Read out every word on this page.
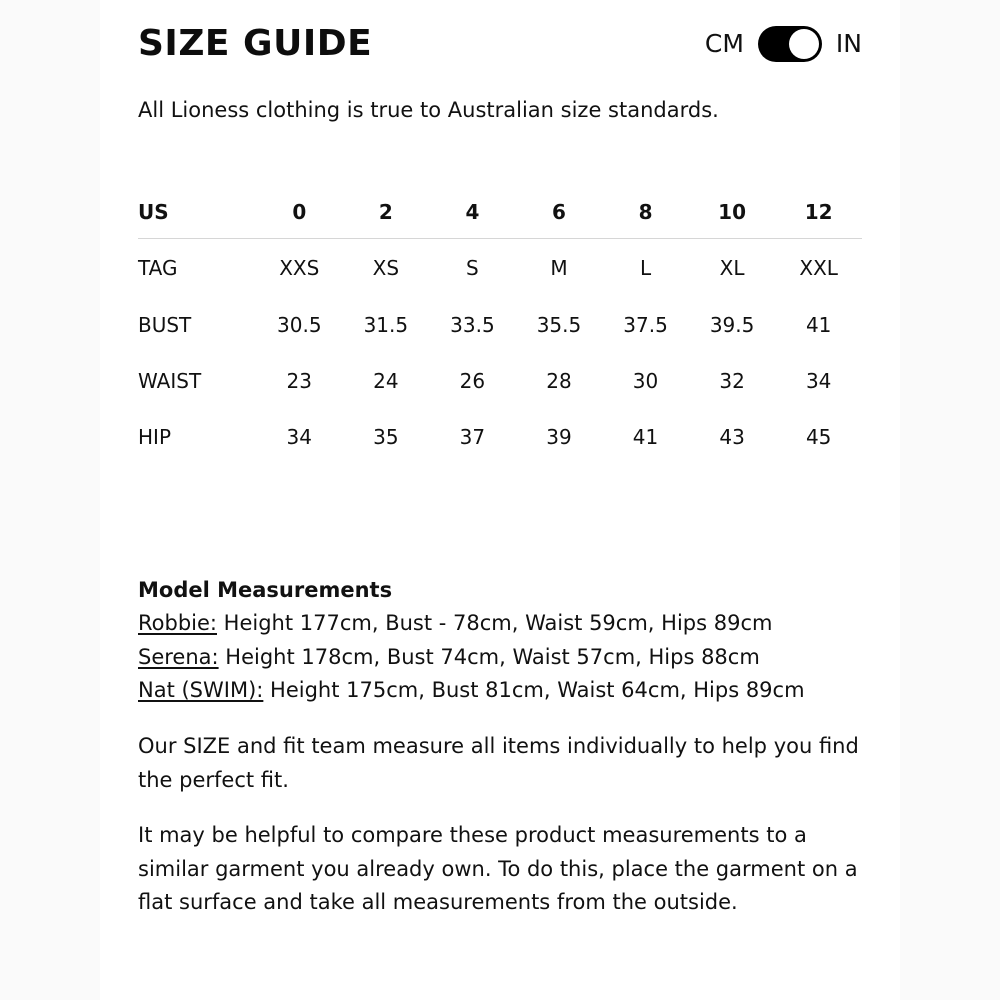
SIZE GUIDE	CM	IN

All Lioness clothing is true to Australian size standards.

US	0	2	4	6	8	10	12
TAG	XXS	XS	S	M	L	XL	XXL
BUST	30.5	31.5	33.5	35.5	37.5	39.5	41
WAIST	23	24	26	28	30	32	34
HIP	34	35	37	39	41	43	45

Model Measurements

Robbie: Height 177cm, Bust - 78cm, Waist 59cm, Hips 89cm

Serena: Height 178cm, Bust 74cm, Waist 57cm, Hips 88cm

Nat (SWIM): Height 175cm, Bust 81cm, Waist 64cm, Hips 89cm

Our SIZE and fit team measure all items individually to help you find the perfect fit.

It may be helpful to compare these product measurements to a similar garment you already own. To do this, place the garment on a flat surface and take all measurements from the outside.
